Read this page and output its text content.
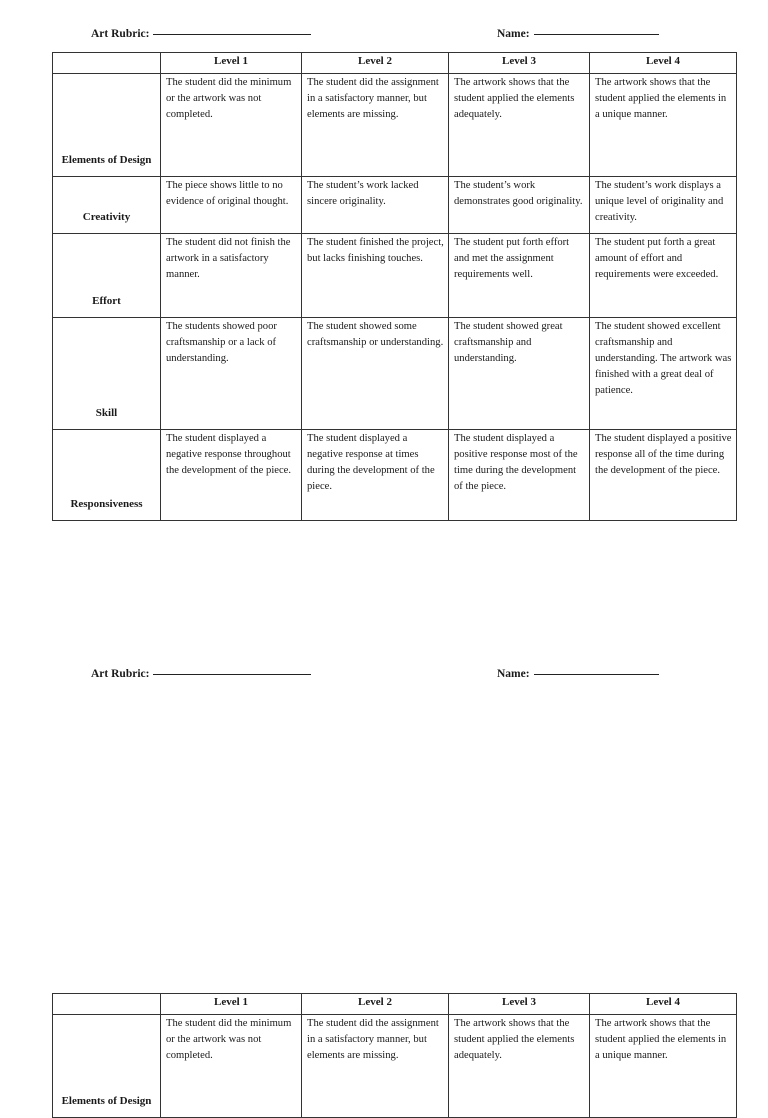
Art Rubric:	Name:
	Level 1	Level 2	Level 3	Level 4
Elements of Design	The student did the minimum or the artwork was not completed.	The student did the assignment in a satisfactory manner, but elements are missing.	The artwork shows that the student applied the elements adequately.	The artwork shows that the student applied the elements in a unique manner.
Creativity	The piece shows little to no evidence of original thought.	The student’s work lacked sincere originality.	The student’s work demonstrates good originality.	The student’s work displays a unique level of originality and creativity.
Effort	The student did not finish the artwork in a satisfactory manner.	The student finished the project, but lacks finishing touches.	The student put forth effort and met the assignment requirements well.	The student put forth a great amount of effort and requirements were exceeded.
Skill	The students showed poor craftsmanship or a lack of understanding.	The student showed some craftsmanship or understanding.	The student showed great craftsmanship and understanding.	The student showed excellent craftsmanship and understanding. The artwork was finished with a great deal of patience.
Responsiveness	The student displayed a negative response throughout the development of the piece.	The student displayed a negative response at times during the development of the piece.	The student displayed a positive response most of the time during the development of the piece.	The student displayed a positive response all of the time during the development of the piece.
Art Rubric:	Name:
	Level 1	Level 2	Level 3	Level 4
Elements of Design	The student did the minimum or the artwork was not completed.	The student did the assignment in a satisfactory manner, but elements are missing.	The artwork shows that the student applied the elements adequately.	The artwork shows that the student applied the elements in a unique manner.
